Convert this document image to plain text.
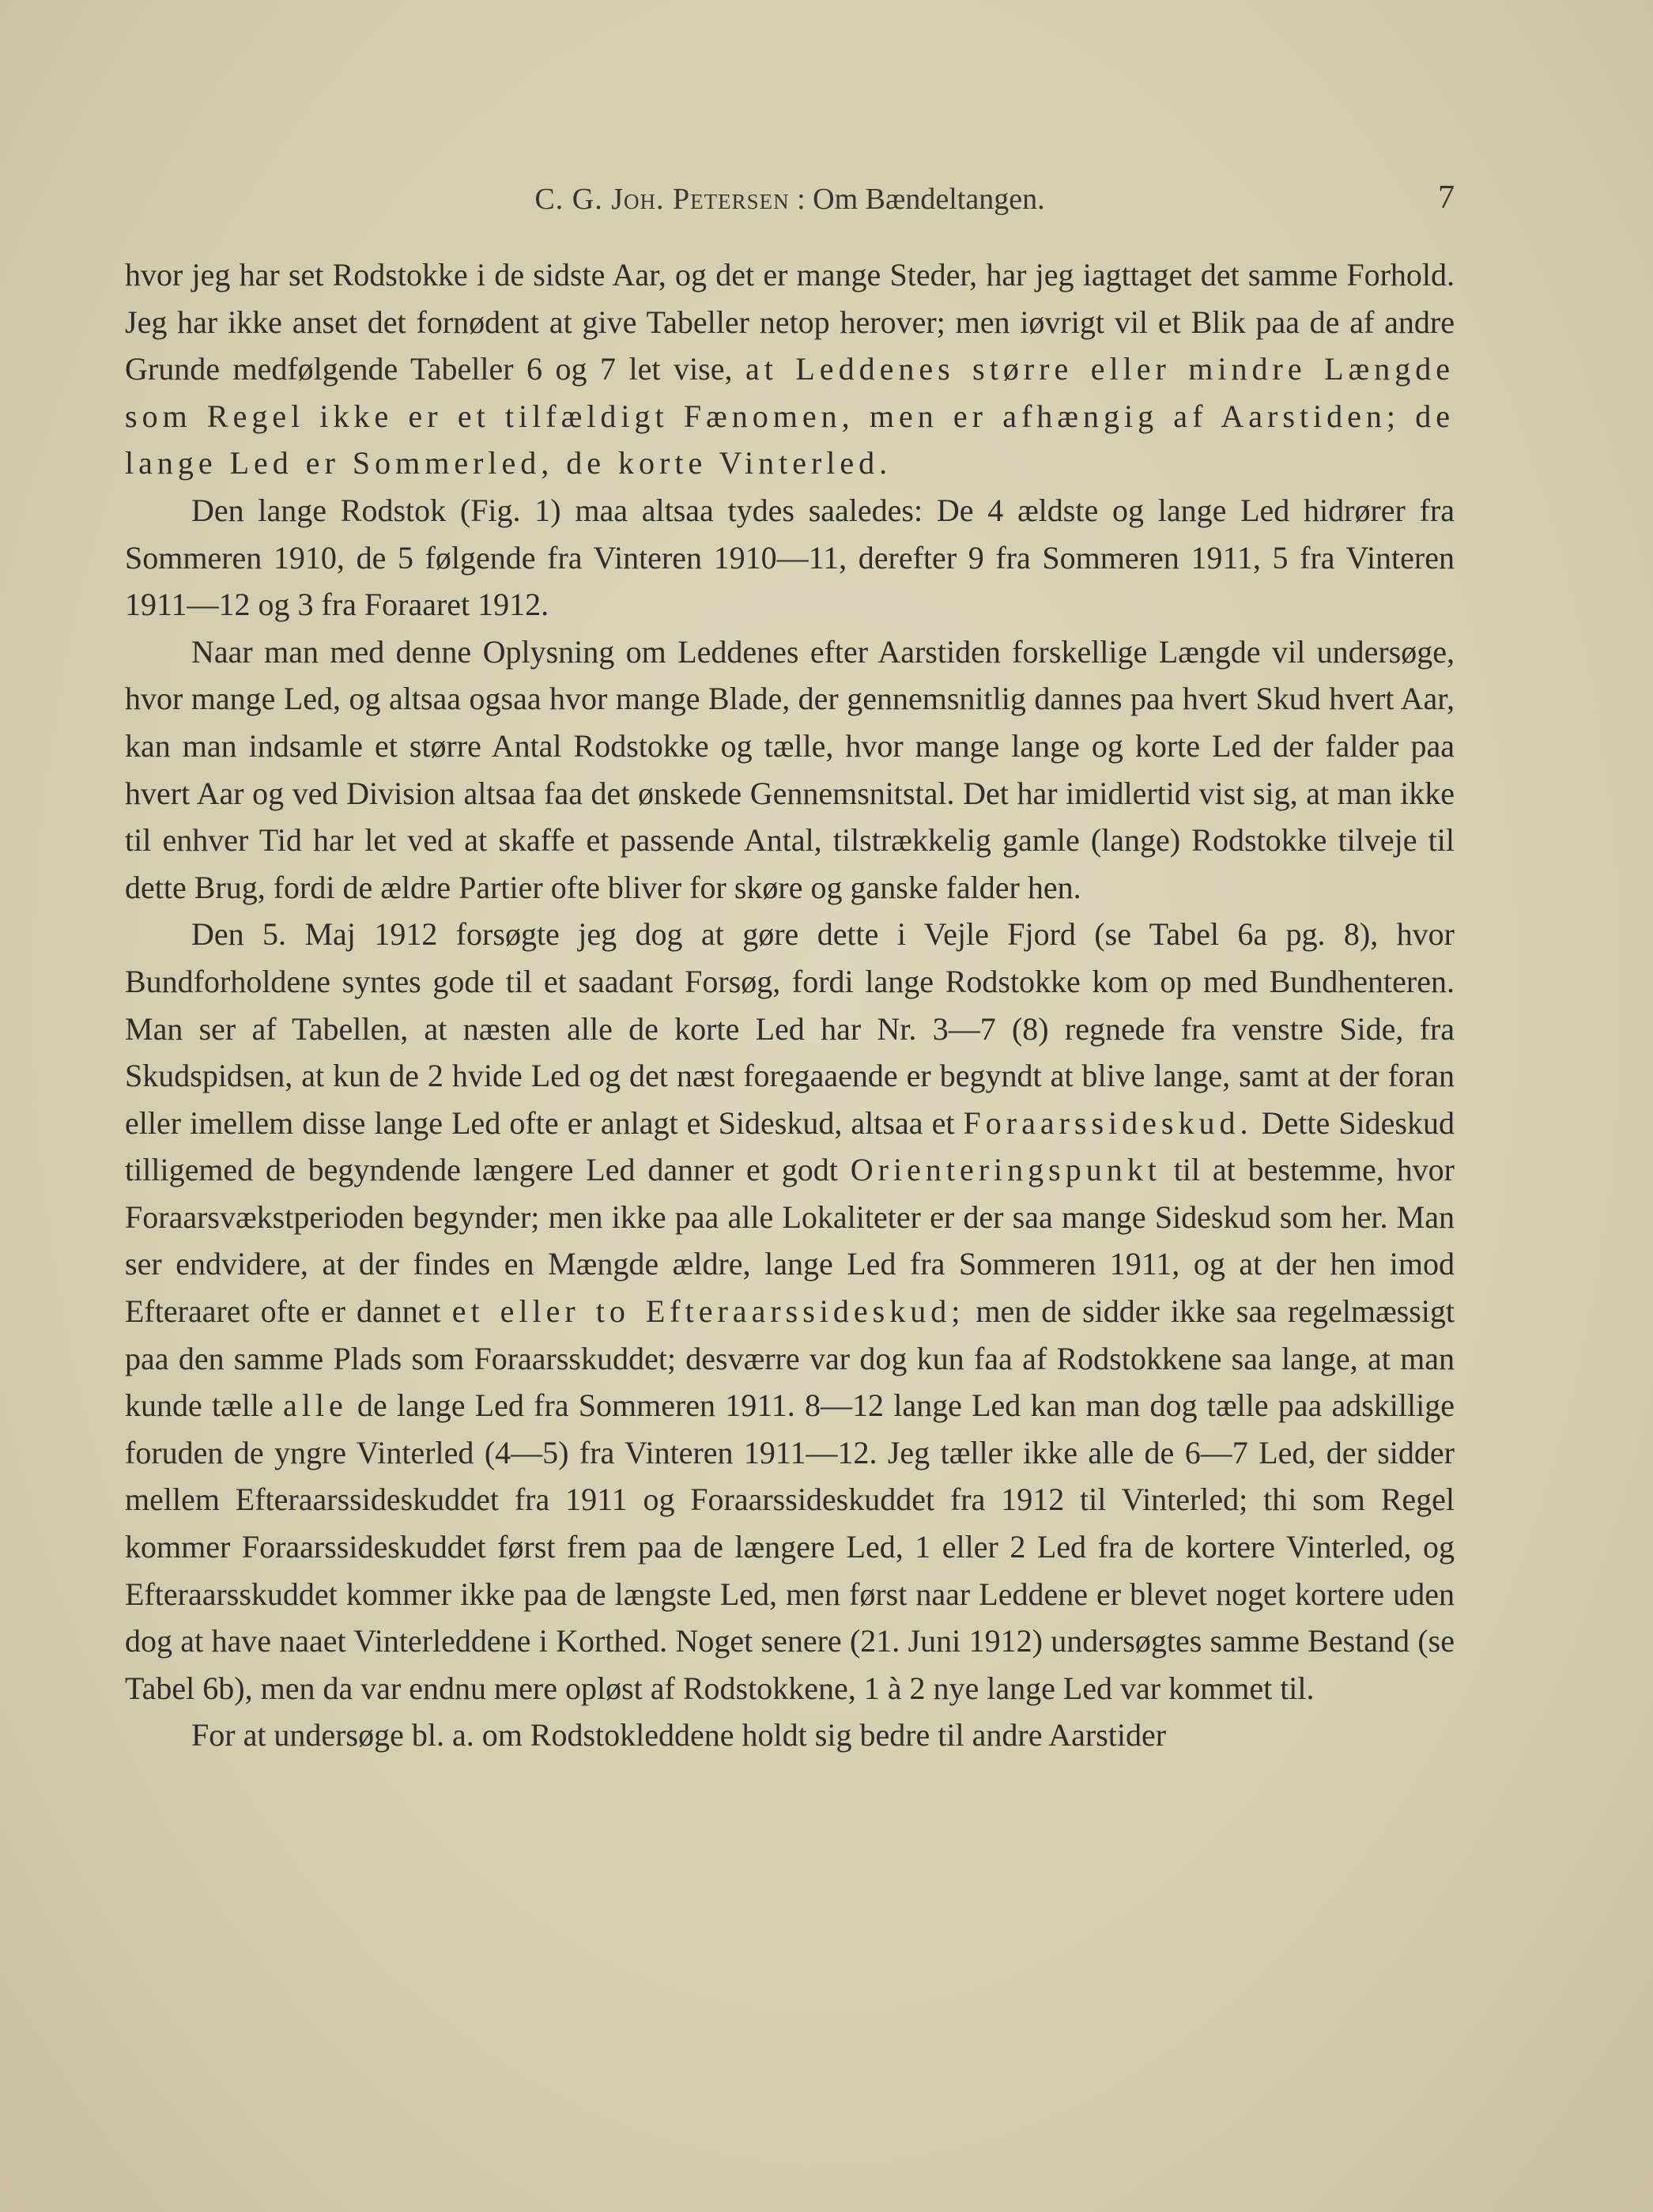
C. G. Joh. Petersen : Om Bændeltangen.	7

hvor jeg har set Rodstokke i de sidste Aar, og det er mange Steder, har jeg iagttaget det samme Forhold. Jeg har ikke anset det fornødent at give Tabeller netop herover; men iøvrigt vil et Blik paa de af andre Grunde medfølgende Tabeller 6 og 7 let vise, at Leddenes større eller mindre Længde som Regel ikke er et tilfældigt Fænomen, men er afhængig af Aarstiden; de lange Led er Sommerled, de korte Vinterled.

Den lange Rodstok (Fig. 1) maa altsaa tydes saaledes: De 4 ældste og lange Led hidrører fra Sommeren 1910, de 5 følgende fra Vinteren 1910—11, derefter 9 fra Sommeren 1911, 5 fra Vinteren 1911—12 og 3 fra Foraaret 1912.

Naar man med denne Oplysning om Leddenes efter Aarstiden forskellige Længde vil undersøge, hvor mange Led, og altsaa ogsaa hvor mange Blade, der gennemsnitlig dannes paa hvert Skud hvert Aar, kan man indsamle et større Antal Rodstokke og tælle, hvor mange lange og korte Led der falder paa hvert Aar og ved Division altsaa faa det ønskede Gennemsnitstal. Det har imidlertid vist sig, at man ikke til enhver Tid har let ved at skaffe et passende Antal, tilstrækkelig gamle (lange) Rodstokke tilveje til dette Brug, fordi de ældre Partier ofte bliver for skøre og ganske falder hen.

Den 5. Maj 1912 forsøgte jeg dog at gøre dette i Vejle Fjord (se Tabel 6a pg. 8), hvor Bundforholdene syntes gode til et saadant Forsøg, fordi lange Rodstokke kom op med Bundhenteren. Man ser af Tabellen, at næsten alle de korte Led har Nr. 3—7 (8) regnede fra venstre Side, fra Skudspidsen, at kun de 2 hvide Led og det næst foregaaende er begyndt at blive lange, samt at der foran eller imellem disse lange Led ofte er anlagt et Sideskud, altsaa et Foraarssideskud. Dette Sideskud tilligemed de begyndende længere Led danner et godt Orienteringspunkt til at bestemme, hvor Foraarsvækstperioden begynder; men ikke paa alle Lokaliteter er der saa mange Sideskud som her. Man ser endvidere, at der findes en Mængde ældre, lange Led fra Sommeren 1911, og at der hen imod Efteraaret ofte er dannet et eller to Efteraarssideskud; men de sidder ikke saa regelmæssigt paa den samme Plads som Foraarsskuddet; desværre var dog kun faa af Rodstokkene saa lange, at man kunde tælle alle de lange Led fra Sommeren 1911. 8—12 lange Led kan man dog tælle paa adskillige foruden de yngre Vinterled (4—5) fra Vinteren 1911—12. Jeg tæller ikke alle de 6—7 Led, der sidder mellem Efteraarssideskuddet fra 1911 og Foraarssideskuddet fra 1912 til Vinterled; thi som Regel kommer Foraarssideskuddet først frem paa de længere Led, 1 eller 2 Led fra de kortere Vinterled, og Efteraarsskuddet kommer ikke paa de længste Led, men først naar Leddene er blevet noget kortere uden dog at have naaet Vinterleddene i Korthed. Noget senere (21. Juni 1912) undersøgtes samme Bestand (se Tabel 6b), men da var endnu mere opløst af Rodstokkene, 1 à 2 nye lange Led var kommet til.

For at undersøge bl. a. om Rodstokleddene holdt sig bedre til andre Aarstider
